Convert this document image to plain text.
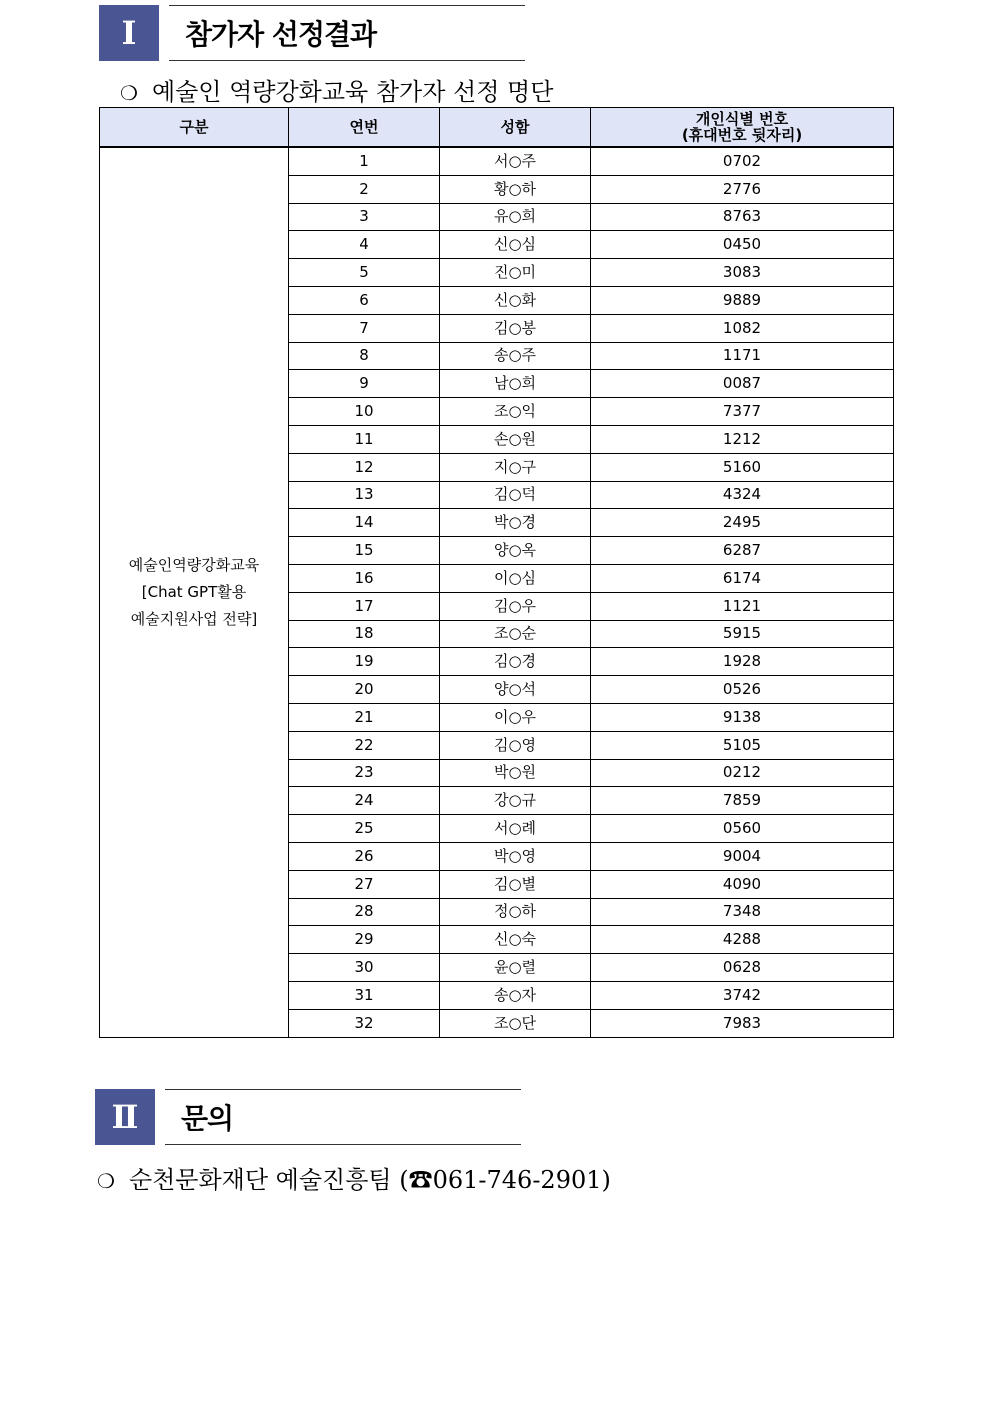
Ⅰ	참가자 선정결과
❍ 예술인 역량강화교육 참가자 선정 명단
구분	연번	성함	개인식별 번호
(휴대번호 뒷자리)

예술인역량강화교육
[Chat GPT활용
예술지원사업 전략]	1	서○주	0702
	2	황○하	2776
	3	유○희	8763
	4	신○심	0450
	5	진○미	3083
	6	신○화	9889
	7	김○봉	1082
	8	송○주	1171
	9	남○희	0087
	10	조○익	7377
	11	손○원	1212
	12	지○구	5160
	13	김○덕	4324
	14	박○경	2495
	15	양○옥	6287
	16	이○심	6174
	17	김○우	1121
	18	조○순	5915
	19	김○경	1928
	20	양○석	0526
	21	이○우	9138
	22	김○영	5105
	23	박○원	0212
	24	강○규	7859
	25	서○례	0560
	26	박○영	9004
	27	김○별	4090
	28	정○하	7348
	29	신○숙	4288
	30	윤○렬	0628
	31	송○자	3742
	32	조○단	7983
Ⅱ	문의
❍ 순천문화재단 예술진흥팀 (☎061-746-2901)
